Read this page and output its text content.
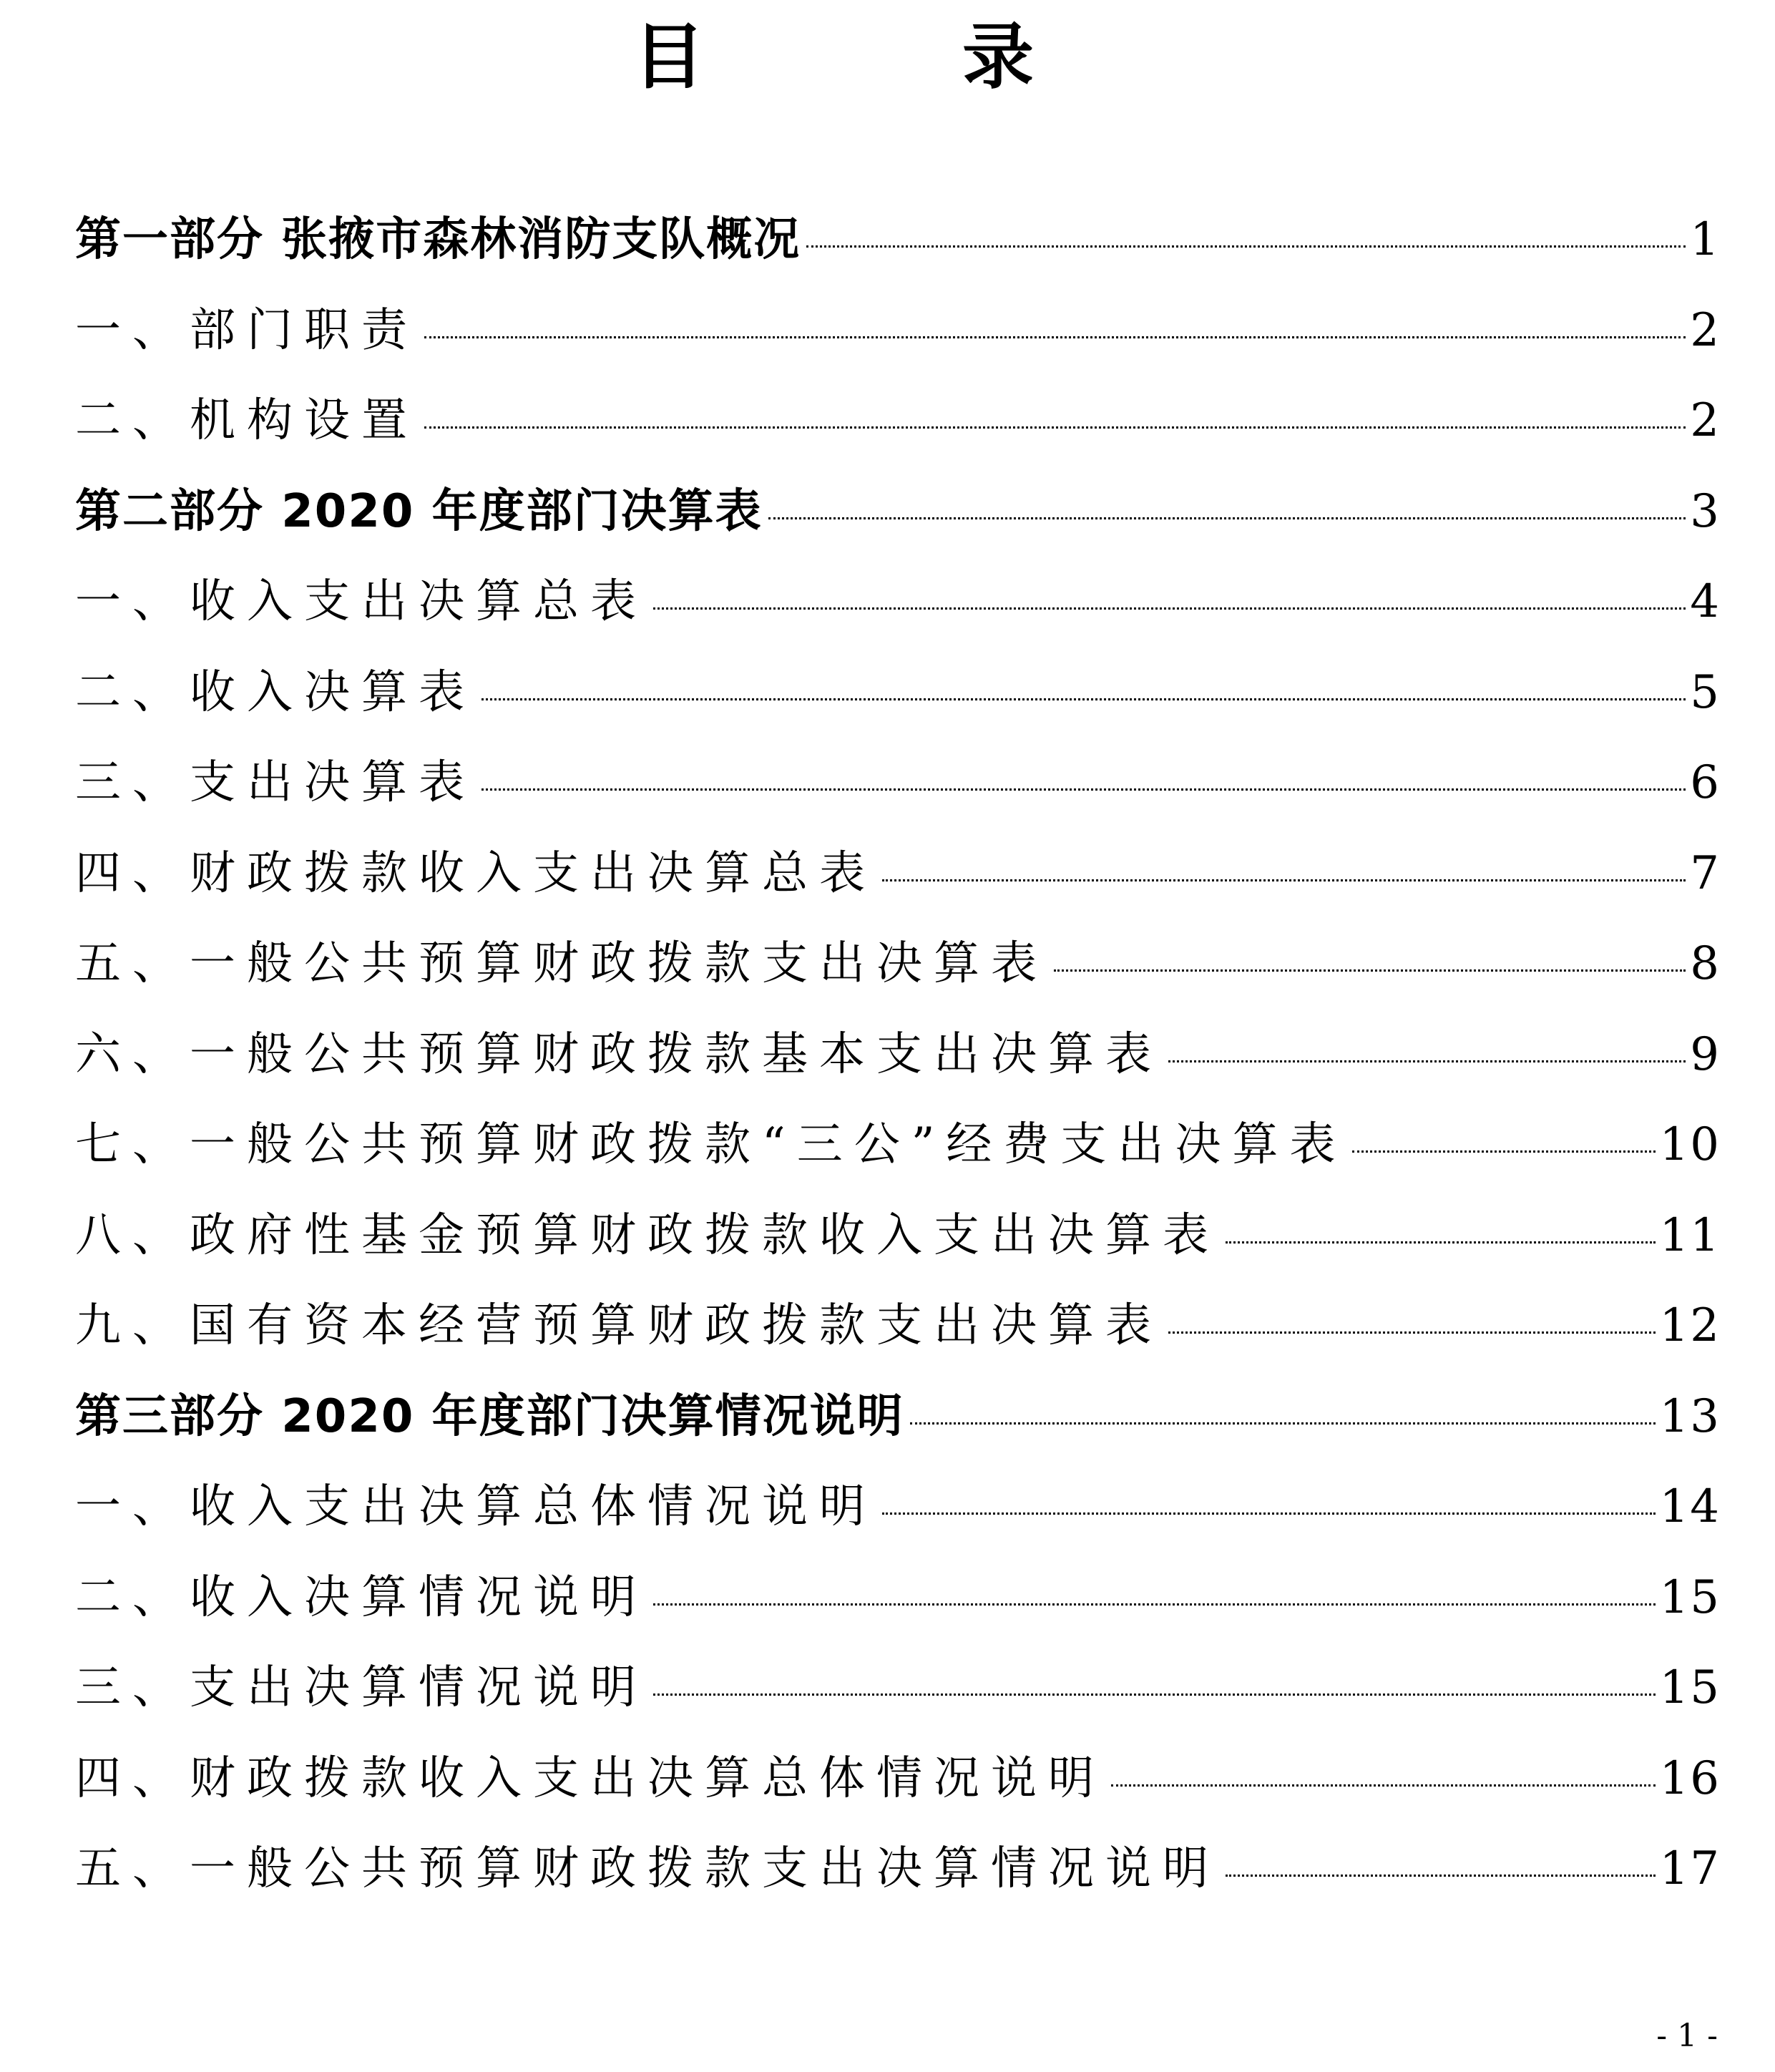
目　录
第一部分 张掖市森林消防支队概况	1
一、部门职责	2
二、机构设置	2
第二部分 2020 年度部门决算表	3
一、收入支出决算总表	4
二、收入决算表	5
三、支出决算表	6
四、财政拨款收入支出决算总表	7
五、一般公共预算财政拨款支出决算表	8
六、一般公共预算财政拨款基本支出决算表	9
七、一般公共预算财政拨款“三公”经费支出决算表	10
八、政府性基金预算财政拨款收入支出决算表	11
九、国有资本经营预算财政拨款支出决算表	12
第三部分 2020 年度部门决算情况说明	13
一、收入支出决算总体情况说明	14
二、收入决算情况说明	15
三、支出决算情况说明	15
四、财政拨款收入支出决算总体情况说明	16
五、一般公共预算财政拨款支出决算情况说明	17
- 1 -
